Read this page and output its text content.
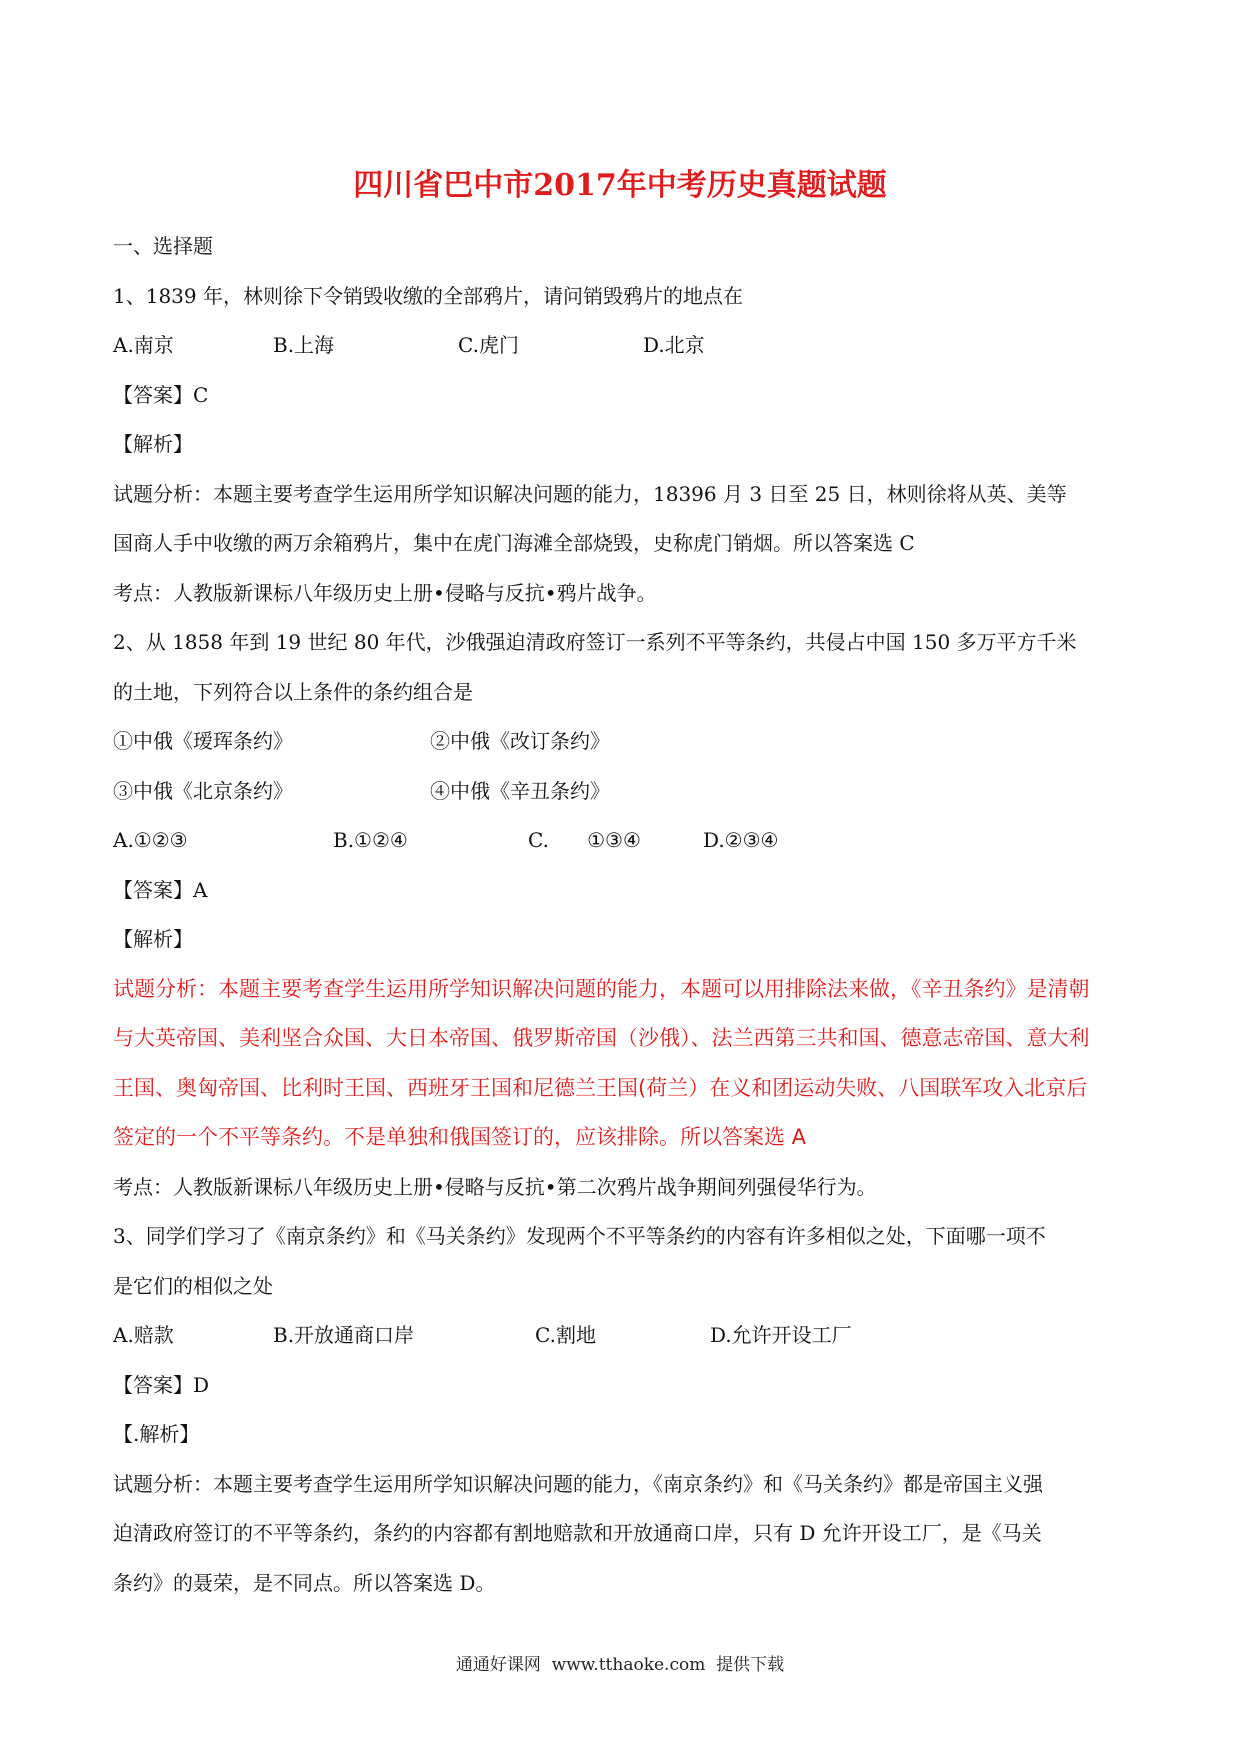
四川省巴中市2017年中考历史真题试题
一、选择题
1、1839 年，林则徐下令销毁收缴的全部鸦片，请问销毁鸦片的地点在
A.南京	B.上海	C.虎门	D.北京
【答案】C
【解析】
试题分析：本题主要考查学生运用所学知识解决问题的能力，18396 月 3 日至 25 日，林则徐将从英、美等
国商人手中收缴的两万余箱鸦片，集中在虎门海滩全部烧毁，史称虎门销烟。所以答案选 C
考点：人教版新课标八年级历史上册•侵略与反抗•鸦片战争。
2、从 1858 年到 19 世纪 80 年代，沙俄强迫清政府签订一系列不平等条约，共侵占中国 150 多万平方千米
的土地，下列符合以上条件的条约组合是
①中俄《瑷珲条约》	②中俄《改订条约》
③中俄《北京条约》	④中俄《辛丑条约》
A.①②③	B.①②④	C.      ①③④	D.②③④
【答案】A
【解析】
试题分析：本题主要考查学生运用所学知识解决问题的能力，本题可以用排除法来做，《辛丑条约》是清朝
与大英帝国、美利坚合众国、大日本帝国、俄罗斯帝国（沙俄）、法兰西第三共和国、德意志帝国、意大利
王国、奥匈帝国、比利时王国、西班牙王国和尼德兰王国(荷兰）在义和团运动失败、八国联军攻入北京后
签定的一个不平等条约。不是单独和俄国签订的，应该排除。所以答案选 A
考点：人教版新课标八年级历史上册•侵略与反抗•第二次鸦片战争期间列强侵华行为。
3、同学们学习了《南京条约》和《马关条约》发现两个不平等条约的内容有许多相似之处，下面哪一项不
是它们的相似之处
A.赔款	B.开放通商口岸	C.割地	D.允许开设工厂
【答案】D
【.解析】
试题分析：本题主要考查学生运用所学知识解决问题的能力，《南京条约》和《马关条约》都是帝国主义强
迫清政府签订的不平等条约，条约的内容都有割地赔款和开放通商口岸，只有 D 允许开设工厂，是《马关
条约》的聂荣，是不同点。所以答案选 D。
通通好课网  www.tthaoke.com  提供下载
